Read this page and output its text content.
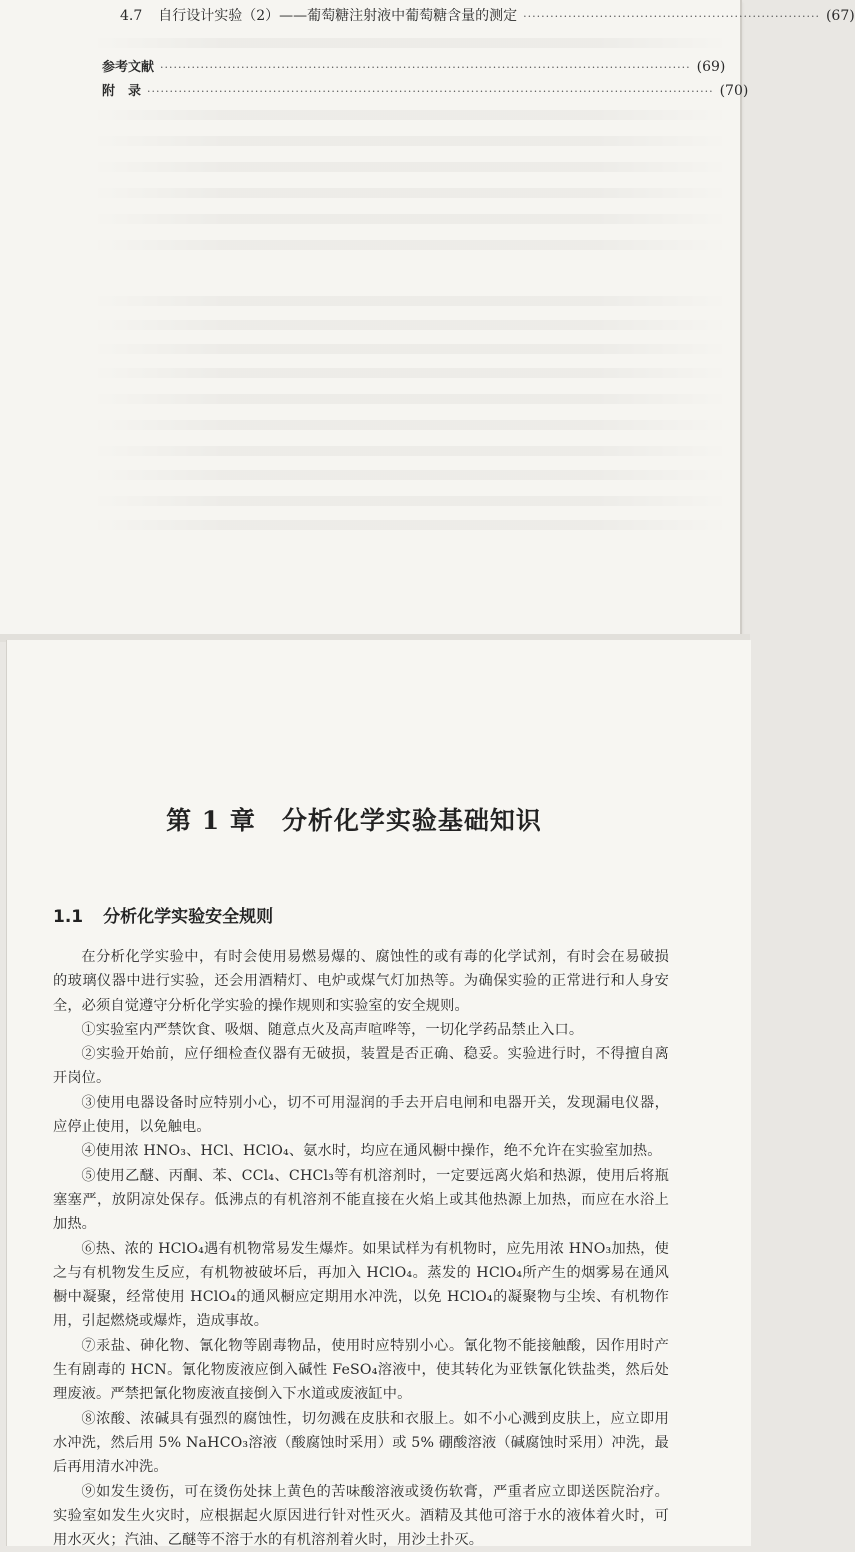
4.7 自行设计实验（2）——葡萄糖注射液中葡萄糖含量的测定 ·································································· (67)
参考文献 ······················································································································ (69)
附　录 ······························································································································ (70)
第 1 章 分析化学实验基础知识
1.1 分析化学实验安全规则

在分析化学实验中，有时会使用易燃易爆的、腐蚀性的或有毒的化学试剂，有时会在易破损的玻璃仪器中进行实验，还会用酒精灯、电炉或煤气灯加热等。为确保实验的正常进行和人身安全，必须自觉遵守分析化学实验的操作规则和实验室的安全规则。

①实验室内严禁饮食、吸烟、随意点火及高声喧哗等，一切化学药品禁止入口。

②实验开始前，应仔细检查仪器有无破损，装置是否正确、稳妥。实验进行时，不得擅自离开岗位。

③使用电器设备时应特别小心，切不可用湿润的手去开启电闸和电器开关，发现漏电仪器，应停止使用，以免触电。

④使用浓 HNO₃、HCl、HClO₄、氨水时，均应在通风橱中操作，绝不允许在实验室加热。

⑤使用乙醚、丙酮、苯、CCl₄、CHCl₃等有机溶剂时，一定要远离火焰和热源，使用后将瓶塞塞严，放阴凉处保存。低沸点的有机溶剂不能直接在火焰上或其他热源上加热，而应在水浴上加热。

⑥热、浓的 HClO₄遇有机物常易发生爆炸。如果试样为有机物时，应先用浓 HNO₃加热，使之与有机物发生反应，有机物被破坏后，再加入 HClO₄。蒸发的 HClO₄所产生的烟雾易在通风橱中凝聚，经常使用 HClO₄的通风橱应定期用水冲洗，以免 HClO₄的凝聚物与尘埃、有机物作用，引起燃烧或爆炸，造成事故。

⑦汞盐、砷化物、氰化物等剧毒物品，使用时应特别小心。氰化物不能接触酸，因作用时产生有剧毒的 HCN。氰化物废液应倒入碱性 FeSO₄溶液中，使其转化为亚铁氰化铁盐类，然后处理废液。严禁把氰化物废液直接倒入下水道或废液缸中。

⑧浓酸、浓碱具有强烈的腐蚀性，切勿溅在皮肤和衣服上。如不小心溅到皮肤上，应立即用水冲洗，然后用 5% NaHCO₃溶液（酸腐蚀时采用）或 5% 硼酸溶液（碱腐蚀时采用）冲洗，最后再用清水冲洗。

⑨如发生烫伤，可在烫伤处抹上黄色的苦味酸溶液或烫伤软膏，严重者应立即送医院治疗。实验室如发生火灾时，应根据起火原因进行针对性灭火。酒精及其他可溶于水的液体着火时，可用水灭火；汽油、乙醚等不溶于水的有机溶剂着火时，用沙土扑灭。
